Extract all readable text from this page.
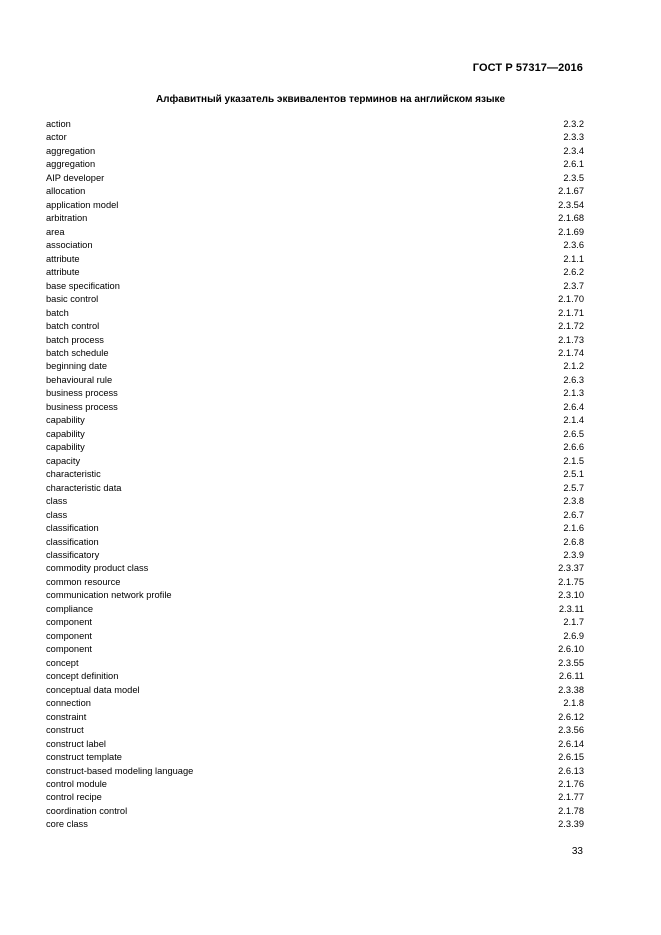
ГОСТ Р 57317—2016
Алфавитный указатель эквивалентов терминов на английском языке
action	2.3.2
actor	2.3.3
aggregation	2.3.4
aggregation	2.6.1
AIP developer	2.3.5
allocation	2.1.67
application model	2.3.54
arbitration	2.1.68
area	2.1.69
association	2.3.6
attribute	2.1.1
attribute	2.6.2
base specification	2.3.7
basic control	2.1.70
batch	2.1.71
batch control	2.1.72
batch process	2.1.73
batch schedule	2.1.74
beginning date	2.1.2
behavioural rule	2.6.3
business process	2.1.3
business process	2.6.4
capability	2.1.4
capability	2.6.5
capability	2.6.6
capacity	2.1.5
characteristic	2.5.1
characteristic data	2.5.7
class	2.3.8
class	2.6.7
classification	2.1.6
classification	2.6.8
classificatory	2.3.9
commodity product class	2.3.37
common resource	2.1.75
communication network profile	2.3.10
compliance	2.3.11
component	2.1.7
component	2.6.9
component	2.6.10
concept	2.3.55
concept definition	2.6.11
conceptual data model	2.3.38
connection	2.1.8
constraint	2.6.12
construct	2.3.56
construct label	2.6.14
construct template	2.6.15
construct-based modeling language	2.6.13
control module	2.1.76
control recipe	2.1.77
coordination control	2.1.78
core class	2.3.39
33
